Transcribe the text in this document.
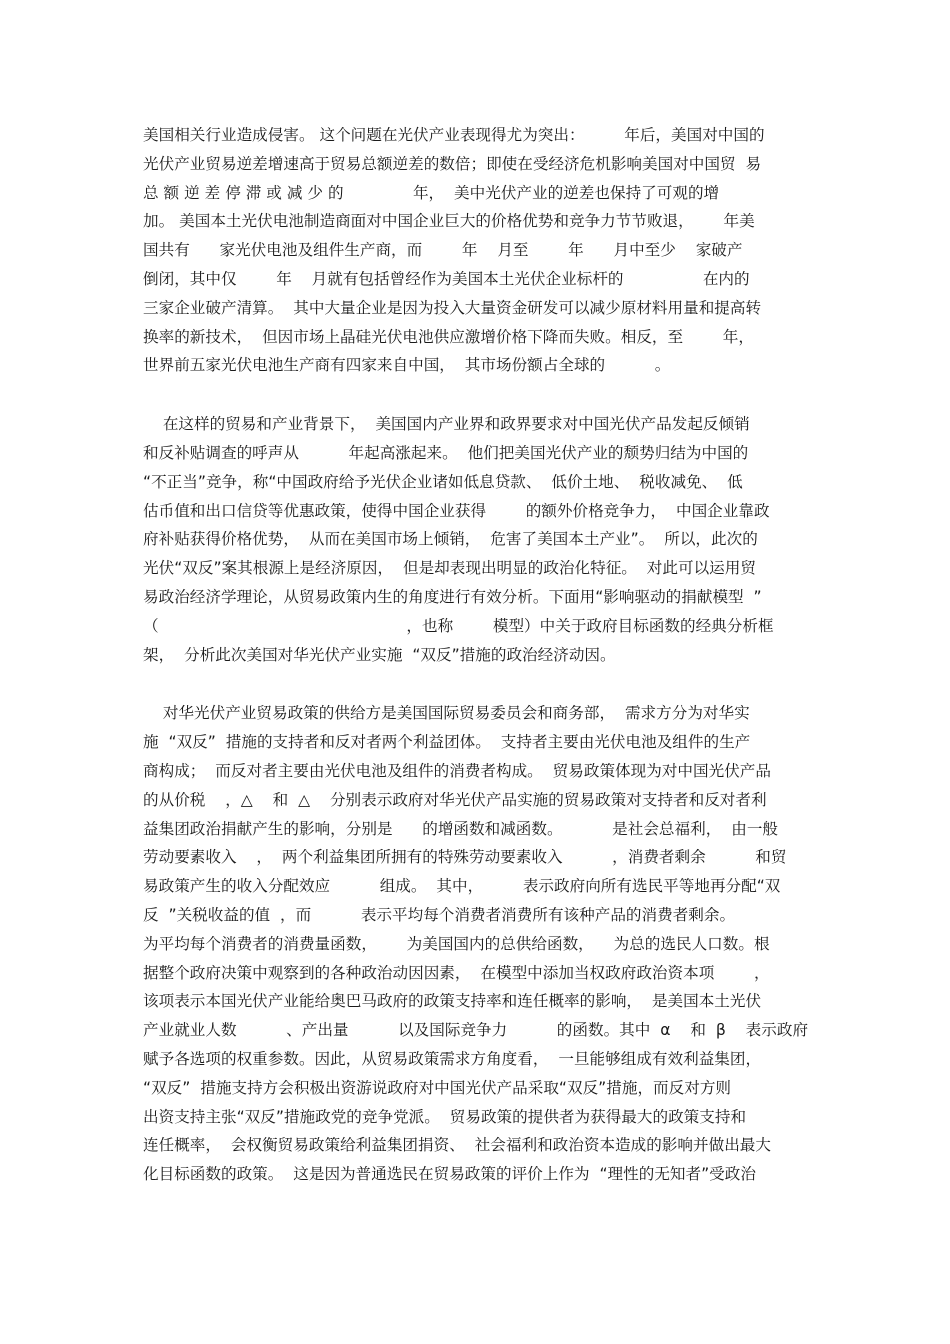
美国相关行业造成侵害。 这个问题在光伏产业表现得尤为突出：        年后，美国对中国的
光伏产业贸易逆差增速高于贸易总额逆差的数倍；即使在受经济危机影响美国对中国贸  易
总 额 逆 差 停 滞 或 减 少 的              年，  美中光伏产业的逆差也保持了可观的增
加。 美国本土光伏电池制造商面对中国企业巨大的价格优势和竞争力节节败退，      年美
国共有      家光伏电池及组件生产商，而        年    月至        年      月中至少    家破产
倒闭，其中仅        年    月就有包括曾经作为美国本土光伏企业标杆的                在内的
三家企业破产清算。  其中大量企业是因为投入大量资金研发可以减少原材料用量和提高转
换率的新技术，  但因市场上晶硅光伏电池供应激增价格下降而失败。相反，至        年，
世界前五家光伏电池生产商有四家来自中国，  其市场份额占全球的          。
在这样的贸易和产业背景下，  美国国内产业界和政界要求对中国光伏产品发起反倾销
和反补贴调查的呼声从          年起高涨起来。  他们把美国光伏产业的颓势归结为中国的
“不正当”竞争，称“中国政府给予光伏企业诸如低息贷款、  低价土地、  税收减免、  低
估币值和出口信贷等优惠政策，使得中国企业获得        的额外价格竞争力，  中国企业靠政
府补贴获得价格优势，  从而在美国市场上倾销，  危害了美国本土产业”。  所以，此次的
光伏“双反”案其根源上是经济原因，  但是却表现出明显的政治化特征。  对此可以运用贸
易政治经济学理论，从贸易政策内生的角度进行有效分析。下面用“影响驱动的捐献模型  ”
（                                                  ，也称        模型）中关于政府目标函数的经典分析框
架，  分析此次美国对华光伏产业实施  “双反”措施的政治经济动因。
对华光伏产业贸易政策的供给方是美国国际贸易委员会和商务部，  需求方分为对华实
施  “双反”  措施的支持者和反对者两个利益团体。  支持者主要由光伏电池及组件的生产
商构成；  而反对者主要由光伏电池及组件的消费者构成。  贸易政策体现为对中国光伏产品
的从价税    ，△    和  △    分别表示政府对华光伏产品实施的贸易政策对支持者和反对者利
益集团政治捐献产生的影响，分别是      的增函数和减函数。          是社会总福利，  由一般
劳动要素收入    ，  两个利益集团所拥有的特殊劳动要素收入          ，消费者剩余          和贸
易政策产生的收入分配效应          组成。  其中，        表示政府向所有选民平等地再分配“双
反  ”关税收益的值  ，而          表示平均每个消费者消费所有该种产品的消费者剩余。
为平均每个消费者的消费量函数，      为美国国内的总供给函数，    为总的选民人口数。根
据整个政府决策中观察到的各种政治动因因素，  在模型中添加当权政府政治资本项        ，
该项表示本国光伏产业能给奥巴马政府的政策支持率和连任概率的影响，  是美国本土光伏
产业就业人数          、产出量          以及国际竞争力          的函数。其中  α    和  β    表示政府
赋予各选项的权重参数。因此，从贸易政策需求方角度看，  一旦能够组成有效利益集团，
“双反”  措施支持方会积极出资游说政府对中国光伏产品采取“双反”措施，而反对方则
出资支持主张“双反”措施政党的竞争党派。  贸易政策的提供者为获得最大的政策支持和
连任概率，  会权衡贸易政策给利益集团捐资、  社会福利和政治资本造成的影响并做出最大
化目标函数的政策。  这是因为普通选民在贸易政策的评价上作为  “理性的无知者”受政治
